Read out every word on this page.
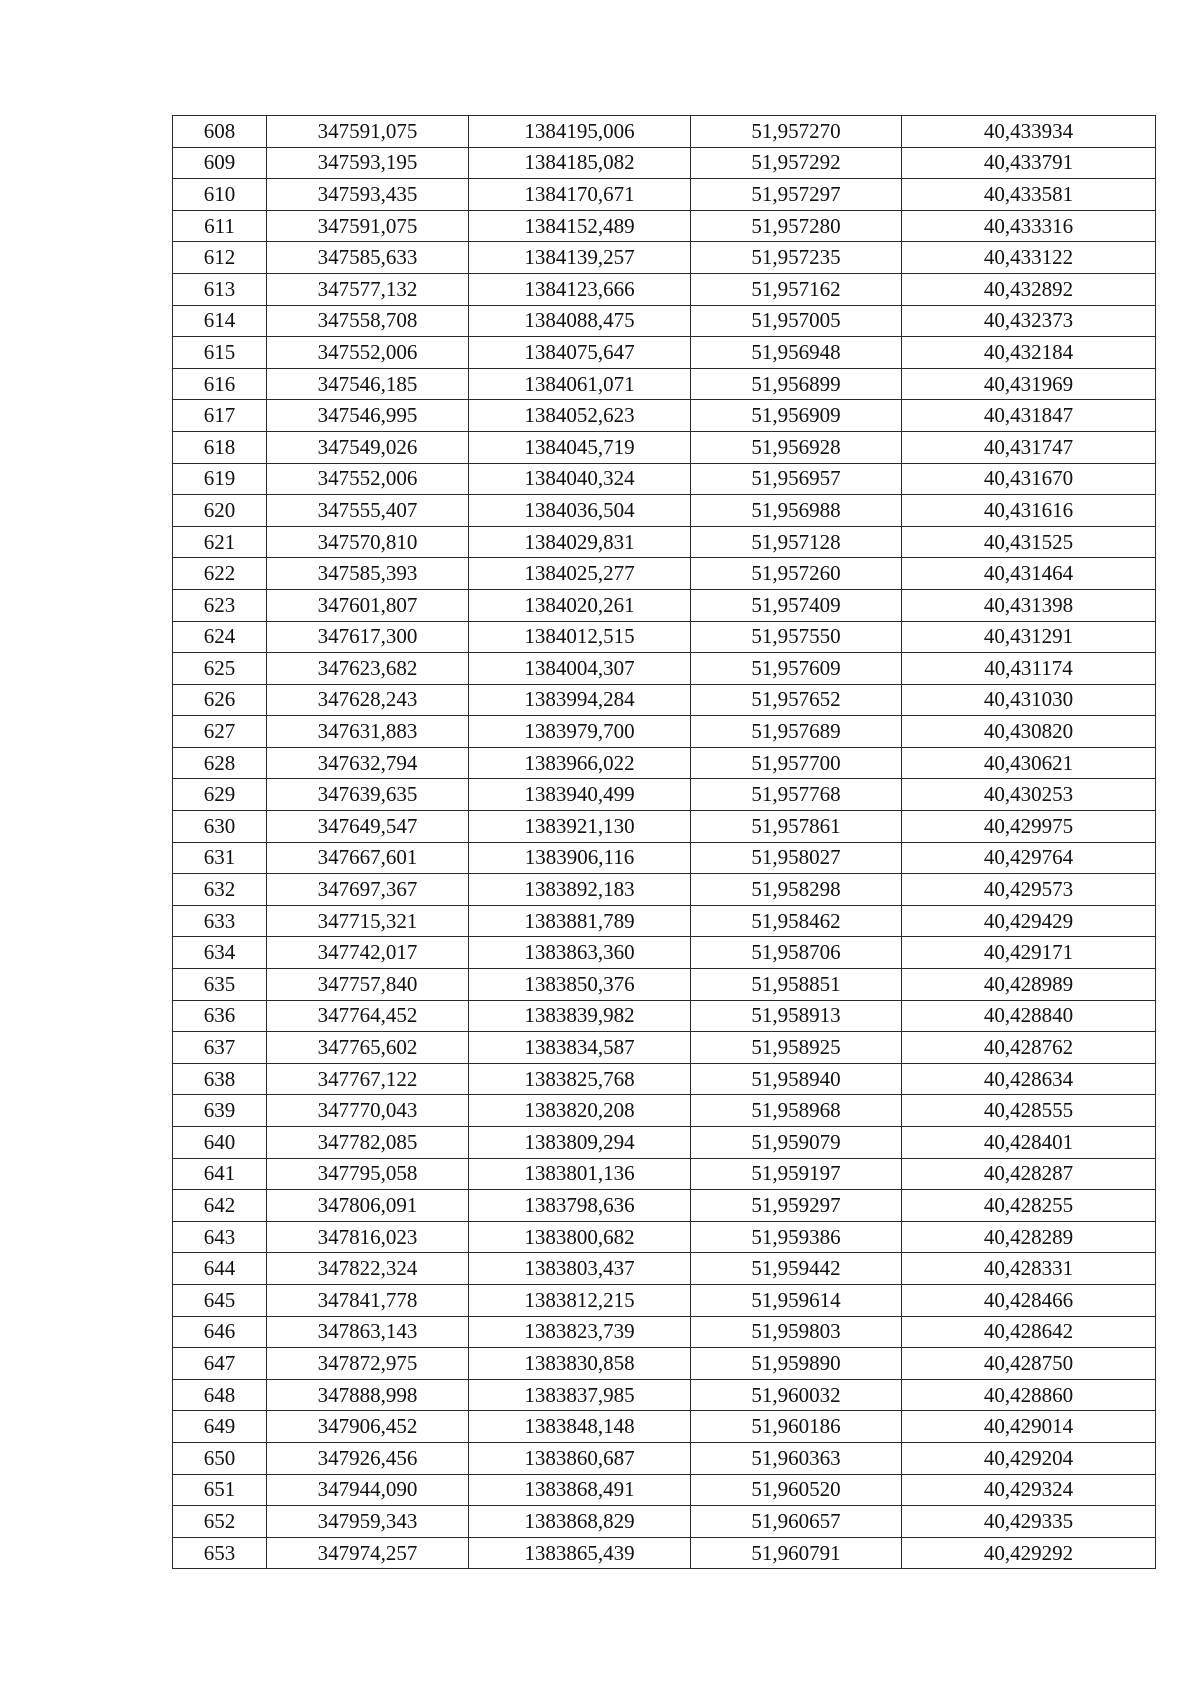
608	347591,075	1384195,006	51,957270	40,433934
609	347593,195	1384185,082	51,957292	40,433791
610	347593,435	1384170,671	51,957297	40,433581
611	347591,075	1384152,489	51,957280	40,433316
612	347585,633	1384139,257	51,957235	40,433122
613	347577,132	1384123,666	51,957162	40,432892
614	347558,708	1384088,475	51,957005	40,432373
615	347552,006	1384075,647	51,956948	40,432184
616	347546,185	1384061,071	51,956899	40,431969
617	347546,995	1384052,623	51,956909	40,431847
618	347549,026	1384045,719	51,956928	40,431747
619	347552,006	1384040,324	51,956957	40,431670
620	347555,407	1384036,504	51,956988	40,431616
621	347570,810	1384029,831	51,957128	40,431525
622	347585,393	1384025,277	51,957260	40,431464
623	347601,807	1384020,261	51,957409	40,431398
624	347617,300	1384012,515	51,957550	40,431291
625	347623,682	1384004,307	51,957609	40,431174
626	347628,243	1383994,284	51,957652	40,431030
627	347631,883	1383979,700	51,957689	40,430820
628	347632,794	1383966,022	51,957700	40,430621
629	347639,635	1383940,499	51,957768	40,430253
630	347649,547	1383921,130	51,957861	40,429975
631	347667,601	1383906,116	51,958027	40,429764
632	347697,367	1383892,183	51,958298	40,429573
633	347715,321	1383881,789	51,958462	40,429429
634	347742,017	1383863,360	51,958706	40,429171
635	347757,840	1383850,376	51,958851	40,428989
636	347764,452	1383839,982	51,958913	40,428840
637	347765,602	1383834,587	51,958925	40,428762
638	347767,122	1383825,768	51,958940	40,428634
639	347770,043	1383820,208	51,958968	40,428555
640	347782,085	1383809,294	51,959079	40,428401
641	347795,058	1383801,136	51,959197	40,428287
642	347806,091	1383798,636	51,959297	40,428255
643	347816,023	1383800,682	51,959386	40,428289
644	347822,324	1383803,437	51,959442	40,428331
645	347841,778	1383812,215	51,959614	40,428466
646	347863,143	1383823,739	51,959803	40,428642
647	347872,975	1383830,858	51,959890	40,428750
648	347888,998	1383837,985	51,960032	40,428860
649	347906,452	1383848,148	51,960186	40,429014
650	347926,456	1383860,687	51,960363	40,429204
651	347944,090	1383868,491	51,960520	40,429324
652	347959,343	1383868,829	51,960657	40,429335
653	347974,257	1383865,439	51,960791	40,429292
